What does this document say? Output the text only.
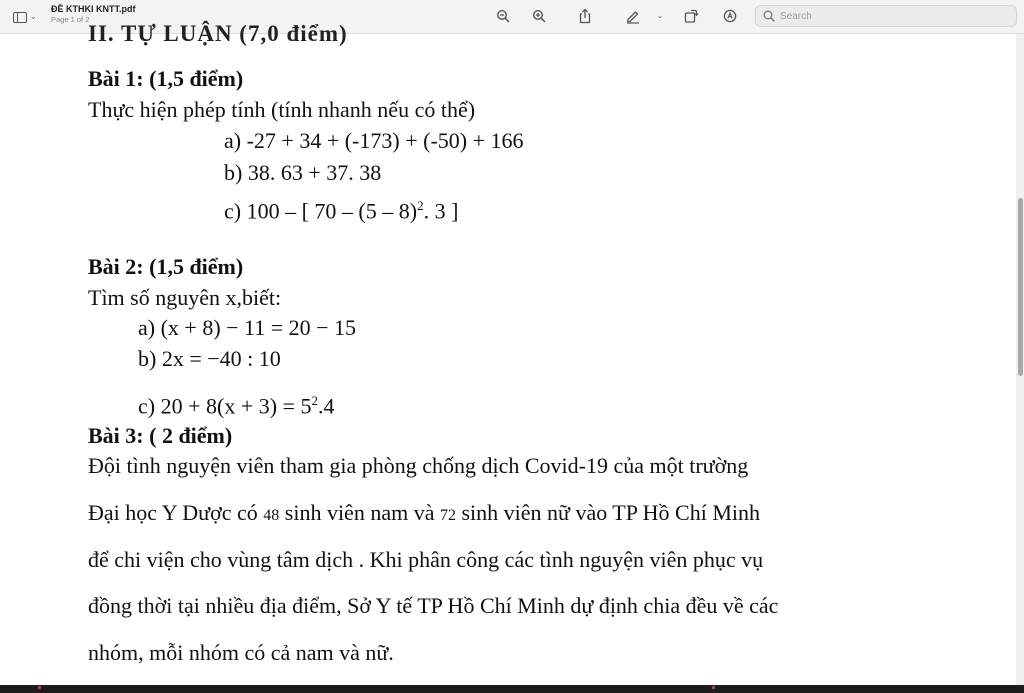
⌄
ĐỀ KTHKI KNTT.pdf
Page 1 of 2	⌄
Search
II. TỰ LUẬN (7,0 điểm)
Bài 1: (1,5 điểm)
Thực hiện phép tính (tính nhanh nếu có thể)
a) -27 + 34 + (-173) + (-50) + 166
b) 38. 63 + 37. 38
c) 100 – [ 70 – (5 – 8)$^2$. 3 ]
Bài 2: (1,5 điểm)
Tìm số nguyên x,biết:
a) (x + 8) − 11 = 20 − 15
b) 2x = −40 : 10
c) $20 + 8(x + 3) = 5^2.4$
Bài 3: ( 2 điểm)
Đội tình nguyện viên tham gia phòng chống dịch Covid-19 của một trường
Đại học Y Dược có 48 sinh viên nam và 72 sinh viên nữ vào TP Hồ Chí Minh
để chi viện cho vùng tâm dịch . Khi phân công các tình nguyện viên phục vụ
đồng thời tại nhiều địa điểm, Sở Y tế TP Hồ Chí Minh dự định chia đều về các
nhóm, mỗi nhóm có cả nam và nữ.
